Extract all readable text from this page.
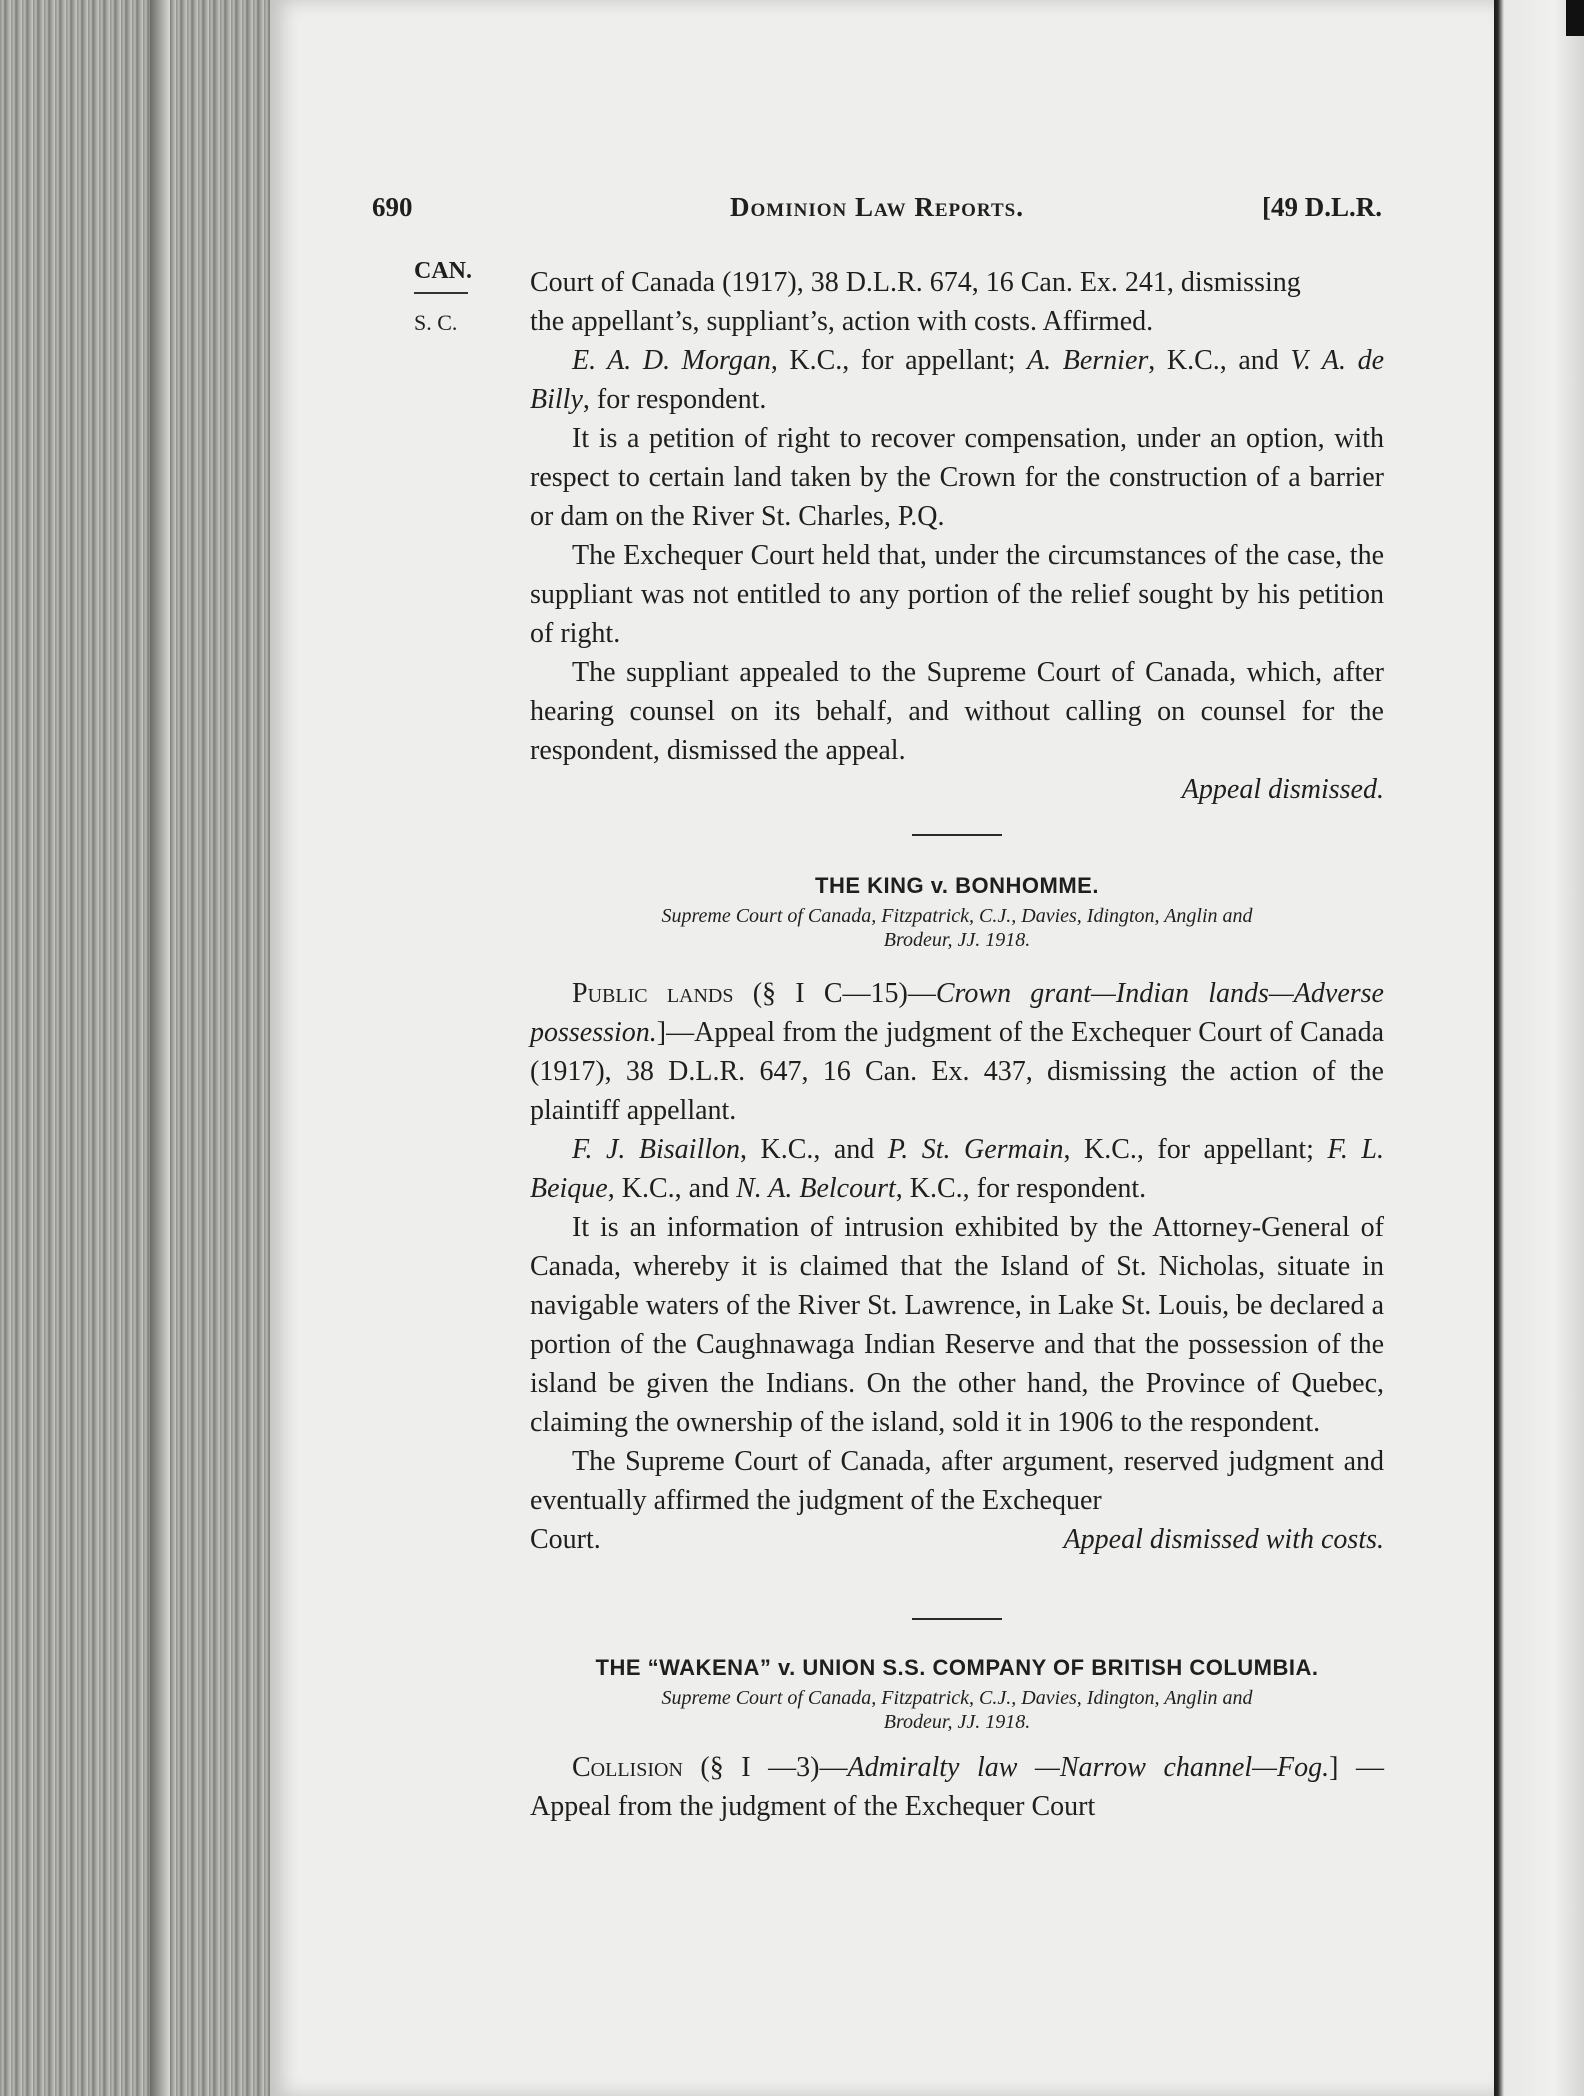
690	Dominion Law Reports.	[49 D.L.R.
CAN.
S. C.

Court of Canada (1917), 38 D.L.R. 674, 16 Can. Ex. 241, dismissing

the appellant’s, suppliant’s, action with costs. Affirmed.

E. A. D. Morgan, K.C., for appellant; A. Bernier, K.C., and V. A. de Billy, for respondent.

It is a petition of right to recover compensation, under an option, with respect to certain land taken by the Crown for the construction of a barrier or dam on the River St. Charles, P.Q.

The Exchequer Court held that, under the circumstances of the case, the suppliant was not entitled to any portion of the relief sought by his petition of right.

The suppliant appealed to the Supreme Court of Canada, which, after hearing counsel on its behalf, and without calling on counsel for the respondent, dismissed the appeal.

Appeal dismissed.

THE KING v. BONHOMME.

Supreme Court of Canada, Fitzpatrick, C.J., Davies, Idington, Anglin and

Brodeur, JJ. 1918.

Public lands (§ I C—15)—Crown grant—Indian lands—Adverse possession.]—Appeal from the judgment of the Exchequer Court of Canada (1917), 38 D.L.R. 647, 16 Can. Ex. 437, dismissing the action of the plaintiff appellant.

F. J. Bisaillon, K.C., and P. St. Germain, K.C., for appellant; F. L. Beique, K.C., and N. A. Belcourt, K.C., for respondent.

It is an information of intrusion exhibited by the Attorney-General of Canada, whereby it is claimed that the Island of St. Nicholas, situate in navigable waters of the River St. Lawrence, in Lake St. Louis, be declared a portion of the Caughnawaga Indian Reserve and that the possession of the island be given the Indians. On the other hand, the Province of Quebec, claiming the ownership of the island, sold it in 1906 to the respondent.

The Supreme Court of Canada, after argument, reserved judgment and eventually affirmed the judgment of the Exchequer

Court.	Appeal dismissed with costs.

THE “WAKENA” v. UNION S.S. COMPANY OF BRITISH COLUMBIA.

Supreme Court of Canada, Fitzpatrick, C.J., Davies, Idington, Anglin and

Brodeur, JJ. 1918.

Collision (§ I —3)—Admiralty law —Narrow channel—Fog.] —Appeal from the judgment of the Exchequer Court
